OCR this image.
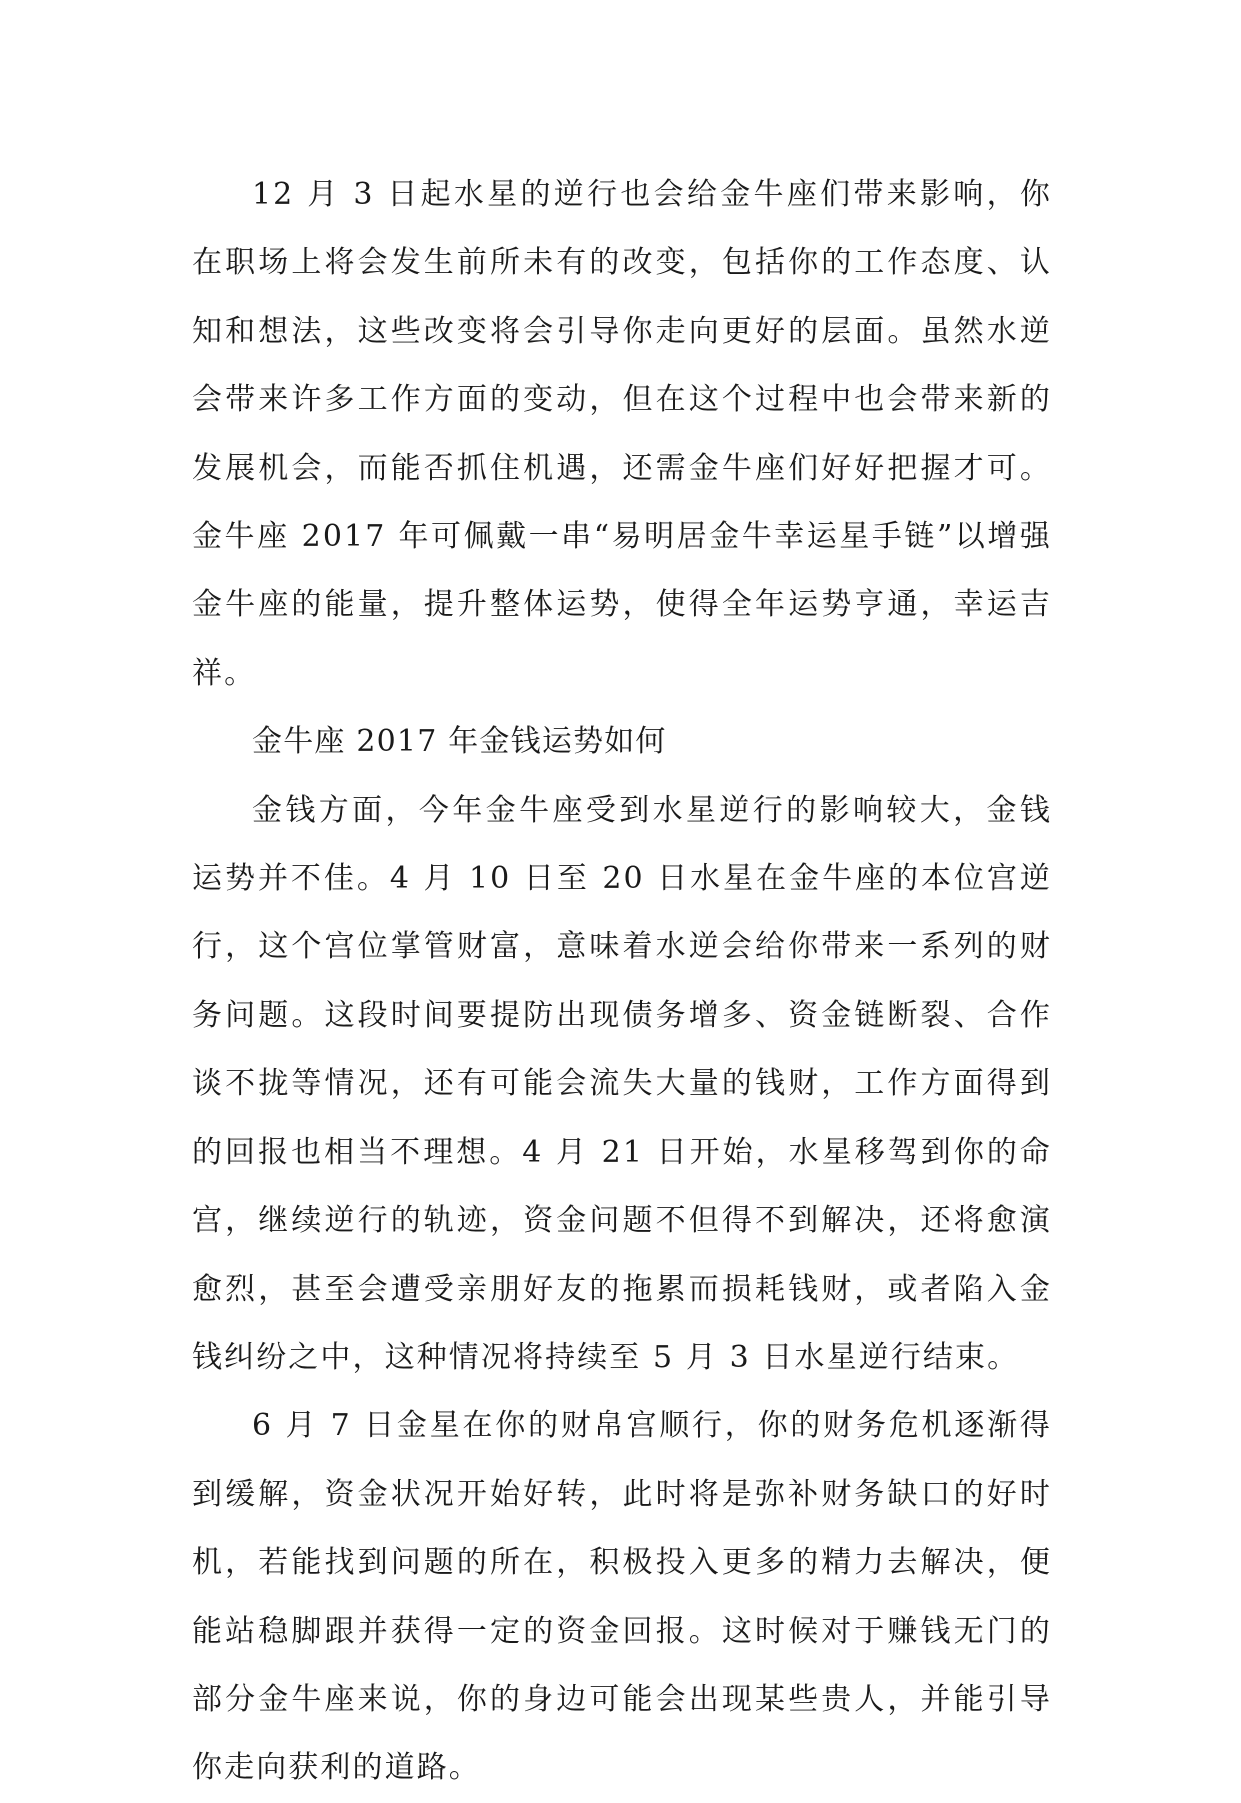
12 月 3 日起水星的逆行也会给金牛座们带来影响，你在职场上将会发生前所未有的改变，包括你的工作态度、认知和想法，这些改变将会引导你走向更好的层面。虽然水逆会带来许多工作方面的变动，但在这个过程中也会带来新的发展机会，而能否抓住机遇，还需金牛座们好好把握才可。金牛座 2017 年可佩戴一串“易明居金牛幸运星手链”以增强金牛座的能量，提升整体运势，使得全年运势亨通，幸运吉祥。

金牛座 2017 年金钱运势如何

金钱方面，今年金牛座受到水星逆行的影响较大，金钱运势并不佳。4 月 10 日至 20 日水星在金牛座的本位宫逆行，这个宫位掌管财富，意味着水逆会给你带来一系列的财务问题。这段时间要提防出现债务增多、资金链断裂、合作谈不拢等情况，还有可能会流失大量的钱财，工作方面得到的回报也相当不理想。4 月 21 日开始，水星移驾到你的命宫，继续逆行的轨迹，资金问题不但得不到解决，还将愈演愈烈，甚至会遭受亲朋好友的拖累而损耗钱财，或者陷入金钱纠纷之中，这种情况将持续至 5 月 3 日水星逆行结束。

6 月 7 日金星在你的财帛宫顺行，你的财务危机逐渐得到缓解，资金状况开始好转，此时将是弥补财务缺口的好时机，若能找到问题的所在，积极投入更多的精力去解决，便能站稳脚跟并获得一定的资金回报。这时候对于赚钱无门的部分金牛座来说，你的身边可能会出现某些贵人，并能引导你走向获利的道路。
